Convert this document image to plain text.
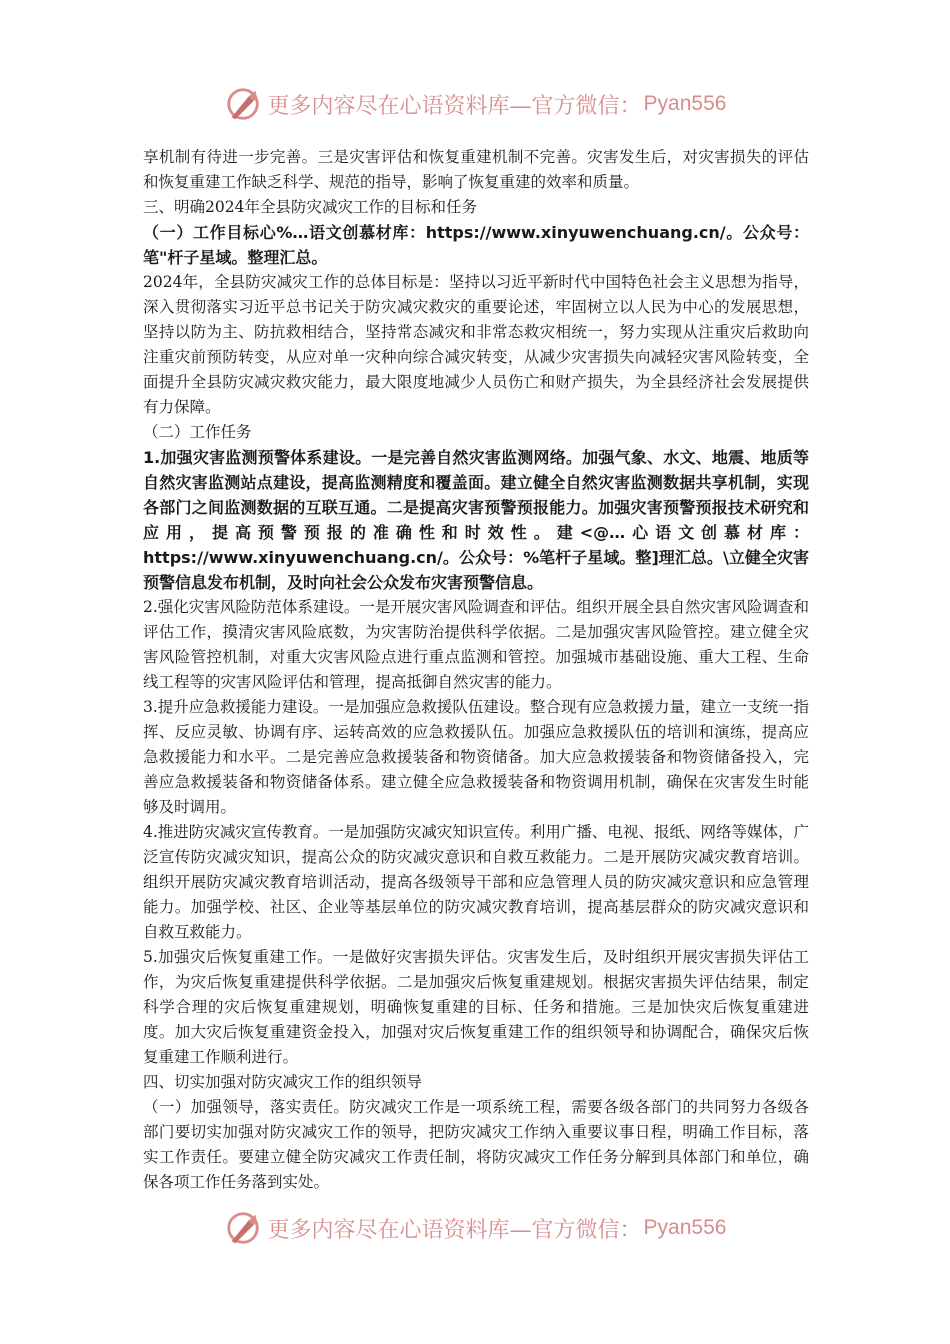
更多内容尽在心语资料库—官方微信： Pyan556

享机制有待进一步完善。三是灾害评估和恢复重建机制不完善。灾害发生后，对灾害损失的评估和恢复重建工作缺乏科学、规范的指导，影响了恢复重建的效率和质量。

三、明确2024年全县防灾减灾工作的目标和任务

（一）工作目标心%…语文创慕材库：https://www.xinyuwenchuang.cn/。公众号：笔"杆子星域。整理汇总。

2024年，全县防灾减灾工作的总体目标是：坚持以习近平新时代中国特色社会主义思想为指导，深入贯彻落实习近平总书记关于防灾减灾救灾的重要论述，牢固树立以人民为中心的发展思想，坚持以防为主、防抗救相结合，坚持常态减灾和非常态救灾相统一，努力实现从注重灾后救助向注重灾前预防转变，从应对单一灾种向综合减灾转变，从减少灾害损失向减轻灾害风险转变，全面提升全县防灾减灾救灾能力，最大限度地减少人员伤亡和财产损失，为全县经济社会发展提供有力保障。

（二）工作任务

1.加强灾害监测预警体系建设。一是完善自然灾害监测网络。加强气象、水文、地震、地质等自然灾害监测站点建设，提高监测精度和覆盖面。建立健全自然灾害监测数据共享机制，实现各部门之间监测数据的互联互通。二是提高灾害预警预报能力。加强灾害预警预报技术研究和应用，提高预警预报的准确性和时效性。建<@…心语文创慕材库：https://www.xinyuwenchuang.cn/。公众号：%笔杆子星域。整]理汇总。\立健全灾害预警信息发布机制，及时向社会公众发布灾害预警信息。

2.强化灾害风险防范体系建设。一是开展灾害风险调查和评估。组织开展全县自然灾害风险调查和评估工作，摸清灾害风险底数，为灾害防治提供科学依据。二是加强灾害风险管控。建立健全灾害风险管控机制，对重大灾害风险点进行重点监测和管控。加强城市基础设施、重大工程、生命线工程等的灾害风险评估和管理，提高抵御自然灾害的能力。

3.提升应急救援能力建设。一是加强应急救援队伍建设。整合现有应急救援力量，建立一支统一指挥、反应灵敏、协调有序、运转高效的应急救援队伍。加强应急救援队伍的培训和演练，提高应急救援能力和水平。二是完善应急救援装备和物资储备。加大应急救援装备和物资储备投入，完善应急救援装备和物资储备体系。建立健全应急救援装备和物资调用机制，确保在灾害发生时能够及时调用。

4.推进防灾减灾宣传教育。一是加强防灾减灾知识宣传。利用广播、电视、报纸、网络等媒体，广泛宣传防灾减灾知识，提高公众的防灾减灾意识和自救互救能力。二是开展防灾减灾教育培训。组织开展防灾减灾教育培训活动，提高各级领导干部和应急管理人员的防灾减灾意识和应急管理能力。加强学校、社区、企业等基层单位的防灾减灾教育培训，提高基层群众的防灾减灾意识和自救互救能力。

5.加强灾后恢复重建工作。一是做好灾害损失评估。灾害发生后，及时组织开展灾害损失评估工作，为灾后恢复重建提供科学依据。二是加强灾后恢复重建规划。根据灾害损失评估结果，制定科学合理的灾后恢复重建规划，明确恢复重建的目标、任务和措施。三是加快灾后恢复重建进度。加大灾后恢复重建资金投入，加强对灾后恢复重建工作的组织领导和协调配合，确保灾后恢复重建工作顺利进行。

四、切实加强对防灾减灾工作的组织领导

（一）加强领导，落实责任。防灾减灾工作是一项系统工程，需要各级各部门的共同努力各级各部门要切实加强对防灾减灾工作的领导，把防灾减灾工作纳入重要议事日程，明确工作目标，落实工作责任。要建立健全防灾减灾工作责任制，将防灾减灾工作任务分解到具体部门和单位，确保各项工作任务落到实处。

更多内容尽在心语资料库—官方微信： Pyan556
